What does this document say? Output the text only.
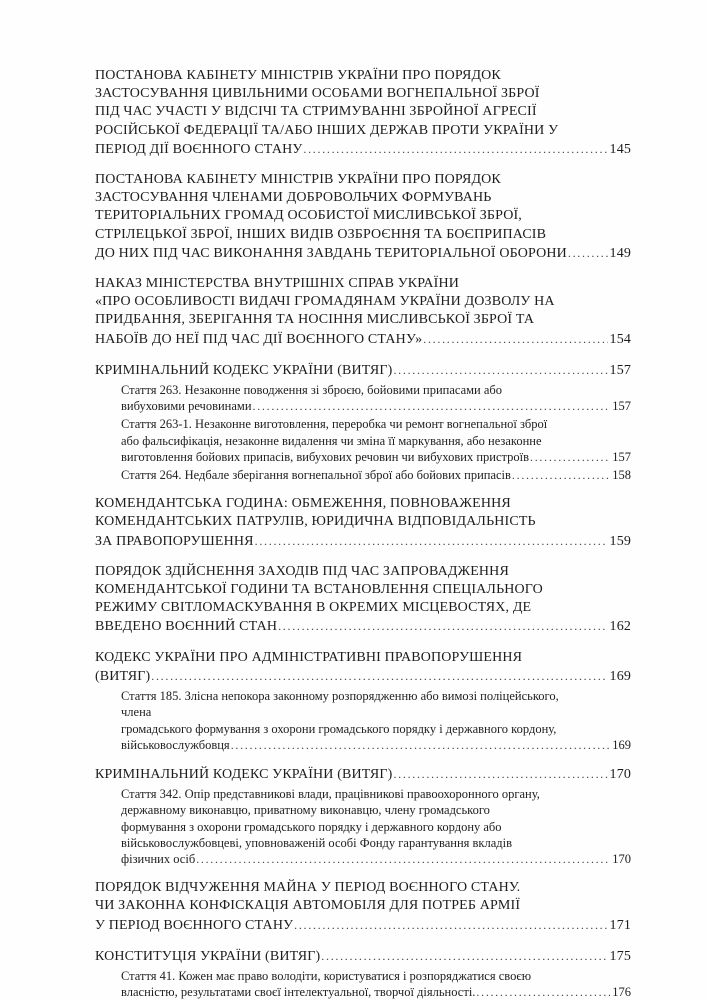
ПОСТАНОВА КАБІНЕТУ МІНІСТРІВ УКРАЇНИ ПРО ПОРЯДОК
ЗАСТОСУВАННЯ ЦИВІЛЬНИМИ ОСОБАМИ ВОГНЕПАЛЬНОЇ ЗБРОЇ
ПІД ЧАС УЧАСТІ У ВІДСІЧІ ТА СТРИМУВАННІ ЗБРОЙНОЇ АГРЕСІЇ
РОСІЙСЬКОЇ ФЕДЕРАЦІЇ ТА/АБО ІНШИХ ДЕРЖАВ ПРОТИ УКРАЇНИ У
ПЕРІОД ДІЇ ВОЄННОГО СТАНУ .....	145
ПОСТАНОВА КАБІНЕТУ МІНІСТРІВ УКРАЇНИ ПРО ПОРЯДОК
ЗАСТОСУВАННЯ ЧЛЕНАМИ ДОБРОВОЛЬЧИХ ФОРМУВАНЬ
ТЕРИТОРІАЛЬНИХ ГРОМАД ОСОБИСТОЇ МИСЛИВСЬКОЇ ЗБРОЇ,
СТРІЛЕЦЬКОЇ ЗБРОЇ, ІНШИХ ВИДІВ ОЗБРОЄННЯ ТА БОЄПРИПАСІВ
ДО НИХ ПІД ЧАС ВИКОНАННЯ ЗАВДАНЬ ТЕРИТОРІАЛЬНОЇ ОБОРОНИ .....	149
НАКАЗ МІНІСТЕРСТВА ВНУТРІШНІХ СПРАВ УКРАЇНИ
«ПРО ОСОБЛИВОСТІ ВИДАЧІ ГРОМАДЯНАМ УКРАЇНИ ДОЗВОЛУ НА
ПРИДБАННЯ, ЗБЕРІГАННЯ ТА НОСІННЯ МИСЛИВСЬКОЇ ЗБРОЇ ТА
НАБОЇВ ДО НЕЇ ПІД ЧАС ДІЇ ВОЄННОГО СТАНУ» .....	154
КРИМІНАЛЬНИЙ КОДЕКС УКРАЇНИ (ВИТЯГ) .....	157
Стаття 263. Незаконне поводження зі зброєю, бойовими припасами або
вибуховими речовинами .....	157
Стаття 263-1. Незаконне виготовлення, переробка чи ремонт вогнепальної зброї
або фальсифікація, незаконне видалення чи зміна її маркування, або незаконне
виготовлення бойових припасів, вибухових речовин чи вибухових пристроїв .....	157
Стаття 264. Недбале зберігання вогнепальної зброї або бойових припасів .....	158
КОМЕНДАНТСЬКА ГОДИНА: ОБМЕЖЕННЯ, ПОВНОВАЖЕННЯ
КОМЕНДАНТСЬКИХ ПАТРУЛІВ, ЮРИДИЧНА ВІДПОВІДАЛЬНІСТЬ
ЗА ПРАВОПОРУШЕННЯ .....	159
ПОРЯДОК ЗДІЙСНЕННЯ ЗАХОДІВ ПІД ЧАС ЗАПРОВАДЖЕННЯ
КОМЕНДАНТСЬКОЇ ГОДИНИ ТА ВСТАНОВЛЕННЯ СПЕЦІАЛЬНОГО
РЕЖИМУ СВІТЛОМАСКУВАННЯ В ОКРЕМИХ МІСЦЕВОСТЯХ, ДЕ
ВВЕДЕНО ВОЄННИЙ СТАН .....	162
КОДЕКС УКРАЇНИ ПРО АДМІНІСТРАТИВНІ ПРАВОПОРУШЕННЯ
(ВИТЯГ) .....	169
Стаття 185. Злісна непокора законному розпорядженню або вимозі поліцейського,
члена
громадського формування з охорони громадського порядку і державного кордону,
військовослужбовця .....	169
КРИМІНАЛЬНИЙ КОДЕКС УКРАЇНИ (ВИТЯГ) .....	170
Стаття 342. Опір представникові влади, працівникові правоохоронного органу,
державному виконавцю, приватному виконавцю, члену громадського
формування з охорони громадського порядку і державного кордону або
військовослужбовцеві, уповноваженій особі Фонду гарантування вкладів
фізичних осіб .....	170
ПОРЯДОК ВІДЧУЖЕННЯ МАЙНА У ПЕРІОД ВОЄННОГО СТАНУ.
ЧИ ЗАКОННА КОНФІСКАЦІЯ АВТОМОБІЛЯ ДЛЯ ПОТРЕБ АРМІЇ
У ПЕРІОД ВОЄННОГО СТАНУ .....	171
КОНСТИТУЦІЯ УКРАЇНИ (ВИТЯГ) .....	175
Стаття 41. Кожен має право володіти, користуватися і розпоряджатися своєю
власністю, результатами своєї інтелектуальної, творчої діяльності. .....	176
